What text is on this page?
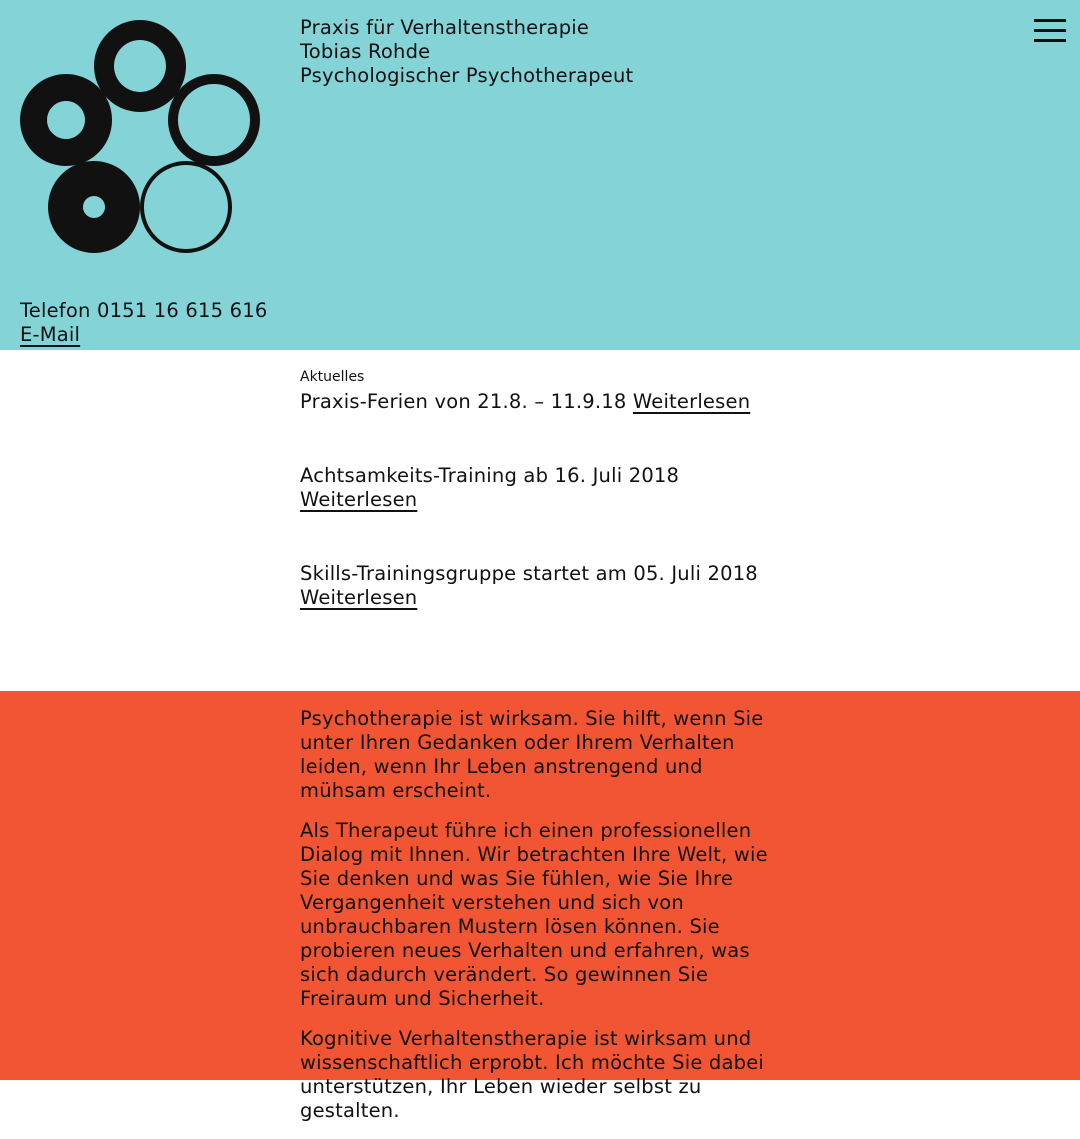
Praxis für Verhaltenstherapie
Tobias Rohde
Psychologischer Psychotherapeut
Telefon 0151 16 615 616
E-Mail
Aktuelles
Praxis-Ferien von 21.8. – 11.9.18 Weiterlesen
Achtsamkeits-Training ab 16. Juli 2018
Weiterlesen
Skills-Trainingsgruppe startet am 05. Juli 2018 Weiterlesen

Psychotherapie ist wirksam. Sie hilft, wenn Sie unter Ihren Gedanken oder Ihrem Verhalten leiden, wenn Ihr Leben anstrengend und mühsam erscheint.

Als Therapeut führe ich einen professionellen Dialog mit Ihnen. Wir betrachten Ihre Welt, wie Sie denken und was Sie fühlen, wie Sie Ihre Vergangenheit verstehen und sich von unbrauchbaren Mustern lösen können. Sie probieren neues Verhalten und erfahren, was sich dadurch verändert. So gewinnen Sie Freiraum und Sicherheit.

Kognitive Verhaltenstherapie ist wirksam und wissenschaftlich erprobt. Ich möchte Sie dabei unterstützen, Ihr Leben wieder selbst zu gestalten.
